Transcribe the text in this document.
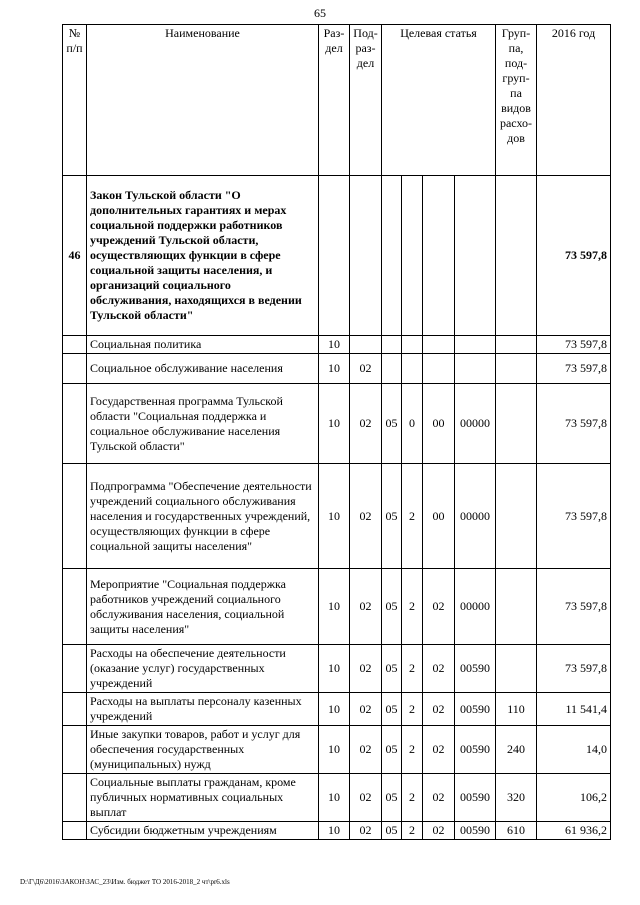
65
№ п/п	Наименование	Раз- дел	Под- раз- дел	Целевая статья				Груп- па, под- груп- па видов расхо- дов	2016 год
46	Закон Тульской области "О дополнительных гарантиях и мерах социальной поддержки работников учреждений Тульской области, осуществляющих функции в сфере социальной защиты населения, и организаций социального обслуживания, находящихся в ведении Тульской области"								73 597,8
	Социальная политика	10							73 597,8
	Социальное обслуживание населения	10	02						73 597,8
	Государственная программа Тульской области "Социальная поддержка и социальное обслуживание населения Тульской области"	10	02	05	0	00	00000		73 597,8
	Подпрограмма "Обеспечение деятельности учреждений социального обслуживания населения и государственных учреждений, осуществляющих функции в сфере социальной защиты населения"	10	02	05	2	00	00000		73 597,8
	Мероприятие "Социальная поддержка работников учреждений социального обслуживания населения, социальной защиты населения"	10	02	05	2	02	00000		73 597,8
	Расходы на обеспечение деятельности (оказание услуг) государственных учреждений	10	02	05	2	02	00590		73 597,8
	Расходы на выплаты персоналу казенных учреждений	10	02	05	2	02	00590	110	11 541,4
	Иные закупки товаров, работ и услуг для обеспечения государственных (муниципальных) нужд	10	02	05	2	02	00590	240	14,0
	Социальные выплаты гражданам, кроме публичных нормативных социальных выплат	10	02	05	2	02	00590	320	106,2
	Субсидии бюджетным учреждениям	10	02	05	2	02	00590	610	61 936,2
D:\Г\Д6\2016\ЗАКОН\ЗАС_23\Изм. бюджет ТО 2016-2018_2 чт\pr6.xls
